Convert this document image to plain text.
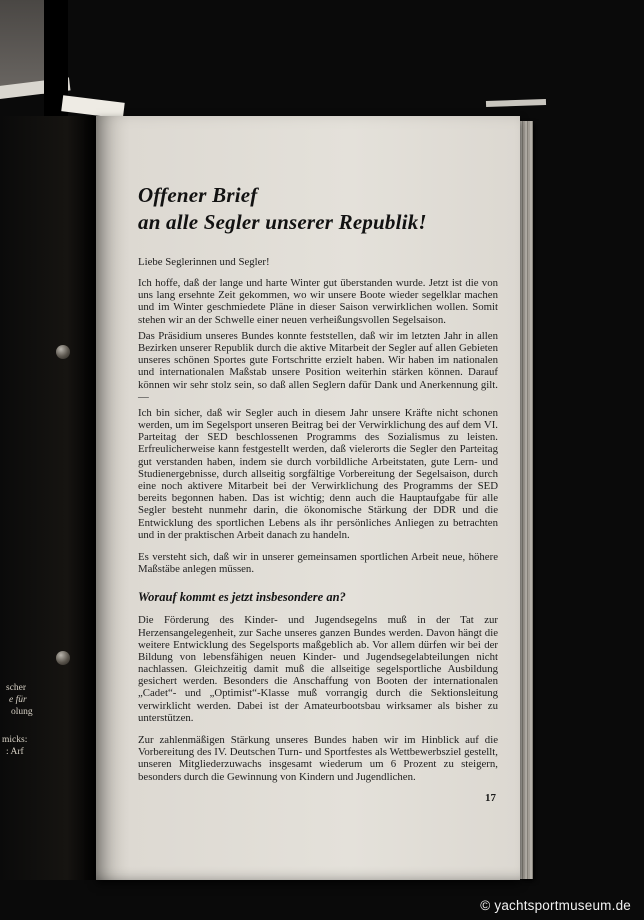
scher
e für
olung
micks:
: Arf
Offener Brief
an alle Segler unserer Republik!

Liebe Seglerinnen und Segler!

Ich hoffe, daß der lange und harte Winter gut überstanden wurde. Jetzt ist die von uns lang ersehnte Zeit gekommen, wo wir unsere Boote wieder segelklar machen und im Winter geschmiedete Pläne in dieser Saison verwirklichen wollen. Somit stehen wir an der Schwelle einer neuen verheißungsvollen Segelsaison.

Das Präsidium unseres Bundes konnte feststellen, daß wir im letzten Jahr in allen Bezirken unserer Republik durch die aktive Mitarbeit der Segler auf allen Gebieten unseres schönen Sportes gute Fortschritte erzielt haben. Wir haben im nationalen und internationalen Maßstab unsere Position weiterhin stärken können. Darauf können wir sehr stolz sein, so daß allen Seglern dafür Dank und Anerkennung gilt. —

Ich bin sicher, daß wir Segler auch in diesem Jahr unsere Kräfte nicht schonen werden, um im Segelsport unseren Beitrag bei der Verwirklichung des auf dem VI. Parteitag der SED beschlossenen Programms des Sozialismus zu leisten. Erfreulicherweise kann festgestellt werden, daß vielerorts die Segler den Parteitag gut verstanden haben, indem sie durch vorbildliche Arbeitstaten, gute Lern- und Studienergebnisse, durch allseitig sorgfältige Vorbereitung der Segelsaison, durch eine noch aktivere Mitarbeit bei der Verwirklichung des Programms der SED bereits begonnen haben. Das ist wichtig; denn auch die Hauptaufgabe für alle Segler besteht nunmehr darin, die ökonomische Stärkung der DDR und die Entwicklung des sportlichen Lebens als ihr persönliches Anliegen zu betrachten und in der praktischen Arbeit danach zu handeln.

Es versteht sich, daß wir in unserer gemeinsamen sportlichen Arbeit neue, höhere Maßstäbe anlegen müssen.

Worauf kommt es jetzt insbesondere an?

Die Förderung des Kinder- und Jugendsegelns muß in der Tat zur Herzensangelegenheit, zur Sache unseres ganzen Bundes werden. Davon hängt die weitere Entwicklung des Segelsports maßgeblich ab. Vor allem dürfen wir bei der Bildung von lebensfähigen neuen Kinder- und Jugendsegelabteilungen nicht nachlassen. Gleichzeitig damit muß die allseitige segelsportliche Ausbildung gesichert werden. Besonders die Anschaffung von Booten der internationalen „Cadet“- und „Optimist“-Klasse muß vorrangig durch die Sektionsleitung verwirklicht werden. Dabei ist der Amateurbootsbau wirksamer als bisher zu unterstützen.

Zur zahlenmäßigen Stärkung unseres Bundes haben wir im Hinblick auf die Vorbereitung des IV. Deutschen Turn- und Sportfestes als Wettbewerbsziel gestellt, unseren Mitgliederzuwachs insgesamt wiederum um 6 Prozent zu steigern, besonders durch die Gewinnung von Kindern und Jugendlichen.

17
© yachtsportmuseum.de
